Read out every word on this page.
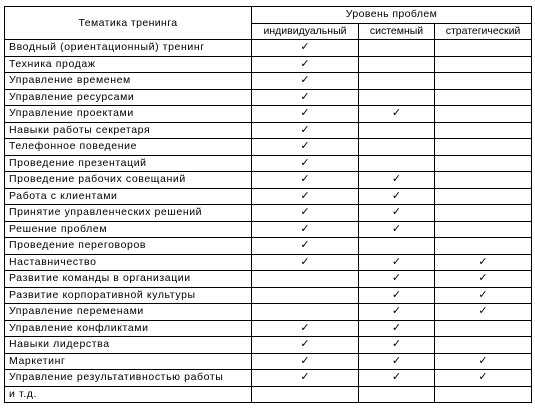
Тематика тренинга	Уровень проблем		
	индивидуальный	системный	стратегический
Вводный (ориентационный) тренинг	✓		
Техника продаж	✓		
Управление временем	✓		
Управление ресурсами	✓		
Управление проектами	✓	✓	
Навыки работы секретаря	✓		
Телефонное поведение	✓		
Проведение презентаций	✓		
Проведение рабочих совещаний	✓	✓	
Работа с клиентами	✓	✓	
Принятие управленческих решений	✓	✓	
Решение проблем	✓	✓	
Проведение переговоров	✓		
Наставничество	✓	✓	✓
Развитие команды в организации		✓	✓
Развитие корпоративной культуры		✓	✓
Управление переменами		✓	✓
Управление конфликтами	✓	✓	
Навыки лидерства	✓	✓	
Маркетинг	✓	✓	✓
Управление результативностью работы	✓	✓	✓
и т.д.			
